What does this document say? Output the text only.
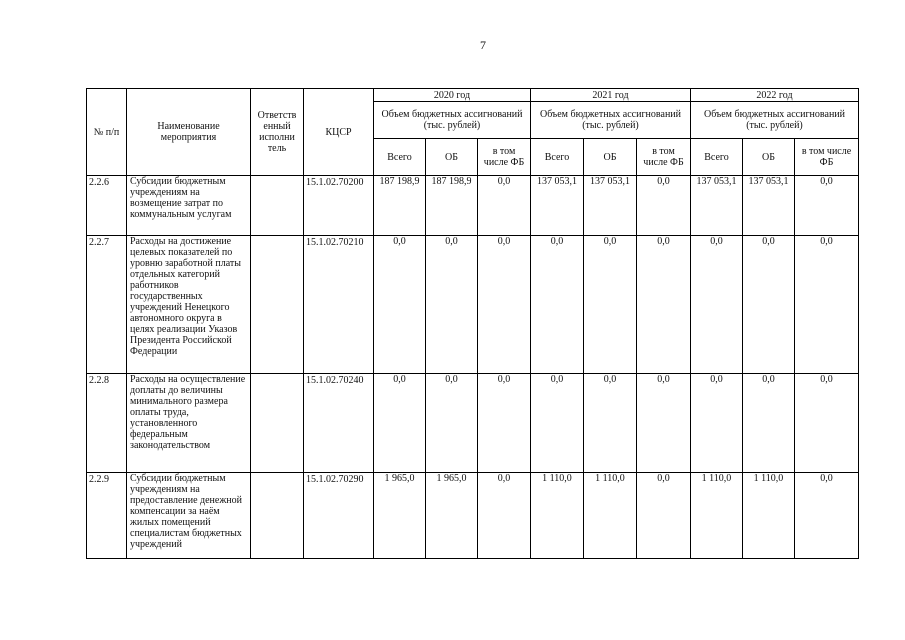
7
№ п/п	Наименование мероприятия	Ответств енный исполни тель	КЦСР	2020 год			2021 год			2022 год		
				Объем бюджетных ассигнований (тыс. рублей)			Объем бюджетных ассигнований (тыс. рублей)			Объем бюджетных ассигнований (тыс. рублей)		
				Всего	ОБ	в том числе ФБ	Всего	ОБ	в том числе ФБ	Всего	ОБ	в том числе ФБ
2.2.6	Субсидии бюджетным учреждениям на возмещение затрат по коммунальным услугам		15.1.02.70200	187 198,9	187 198,9	0,0	137 053,1	137 053,1	0,0	137 053,1	137 053,1	0,0
2.2.7	Расходы на достижение целевых показателей по уровню заработной платы отдельных категорий работников государственных учреждений Ненецкого автономного округа в целях реализации Указов Президента Российской Федерации		15.1.02.70210	0,0	0,0	0,0	0,0	0,0	0,0	0,0	0,0	0,0
2.2.8	Расходы на осуществление доплаты до величины минимального размера оплаты труда, установленного федеральным законодательством		15.1.02.70240	0,0	0,0	0,0	0,0	0,0	0,0	0,0	0,0	0,0
2.2.9	Субсидии бюджетным учреждениям на предоставление денежной компенсации за наём жилых помещений специалистам бюджетных учреждений		15.1.02.70290	1 965,0	1 965,0	0,0	1 110,0	1 110,0	0,0	1 110,0	1 110,0	0,0
